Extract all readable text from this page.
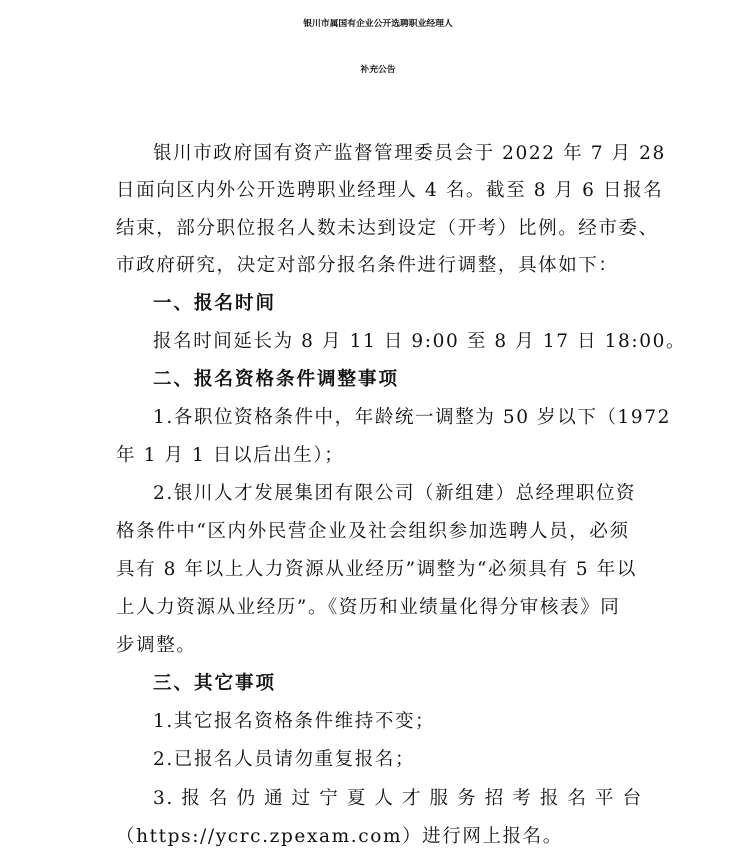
银川市属国有企业公开选聘职业经理人
补充公告
银川市政府国有资产监督管理委员会于 2022 年 7 月 28
日面向区内外公开选聘职业经理人 4 名。截至 8 月 6 日报名
结束，部分职位报名人数未达到设定（开考）比例。经市委、
市政府研究，决定对部分报名条件进行调整，具体如下：
一、报名时间
报名时间延长为 8 月 11 日 9:00 至 8 月 17 日 18:00。
二、报名资格条件调整事项
1.各职位资格条件中，年龄统一调整为 50 岁以下（1972
年 1 月 1 日以后出生）；
2.银川人才发展集团有限公司（新组建）总经理职位资
格条件中“区内外民营企业及社会组织参加选聘人员，必须
具有 8 年以上人力资源从业经历”调整为“必须具有 5 年以
上人力资源从业经历”。《资历和业绩量化得分审核表》同
步调整。
三、其它事项
1.其它报名资格条件维持不变；
2.已报名人员请勿重复报名；
3. 报 名 仍 通 过 宁 夏 人 才 服 务 招 考 报 名 平 台
（https://ycrc.zpexam.com）进行网上报名。
